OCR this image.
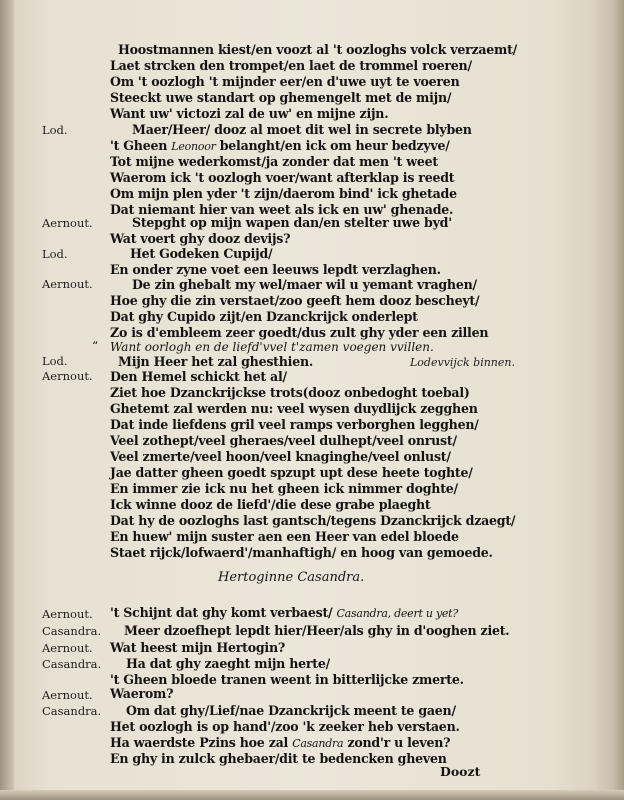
Hoostmannen kiest/en voozt al 't oozloghs volck verzaemt/
Laet strcken den trompet/en laet de trommel roeren/
Om 't oozlogh 't mijnder eer/en d'uwe uyt te voeren
Steeckt uwe standart op ghemengelt met de mijn/
Want uw' victozi zal de uw' en mijne zijn.
Lod.	Maer/Heer/ dooz al moet dit wel in secrete blyben
't Gheen Leonoor belanght/en ick om heur bedzyve/
Tot mijne wederkomst/ja zonder dat men 't weet
Waerom ick 't oozlogh voer/want afterklap is reedt
Om mijn plen yder 't zijn/daerom bind' ick ghetade
Dat niemant hier van weet als ick en uw' ghenade.
Aernout.	Stepght op mijn wapen dan/en stelter uwe byd'
Wat voert ghy dooz devijs?
Lod.	Het Godeken Cupijd/
En onder zyne voet een leeuws lepdt verzlaghen.
Aernout.	De zin ghebalt my wel/maer wil u yemant vraghen/
Hoe ghy die zin verstaet/zoo geeft hem dooz bescheyt/
Dat ghy Cupido zijt/en Dzanckrijck onderlept
Zo is d'embleem zeer goedt/dus zult ghy yder een zillen
“ Want oorlogh en de liefd'vvel t'zamen voegen vvillen.
Lod.	Mijn Heer het zal ghesthien.	Lodevvijck binnen.
Aernout. Den Hemel schickt het al/
Ziet hoe Dzanckrijckse trots(dooz onbedoght toebal)
Ghetemt zal werden nu: veel wysen duydlijck zegghen
Dat inde liefdens gril veel ramps verborghen legghen/
Veel zothept/veel gheraes/veel dulhept/veel onrust/
Veel zmerte/veel hoon/veel knaginghe/veel onlust/
Jae datter gheen goedt spzupt upt dese heete toghte/
En immer zie ick nu het gheen ick nimmer doghte/
Ick winne dooz de liefd'/die dese grabe plaeght
Dat hy de oozloghs last gantsch/tegens Dzanckrijck dzaegt/
En huew' mijn suster aen een Heer van edel bloede
Staet rijck/lofwaerd'/manhaftigh/ en hoog van gemoede.
Hertoginne Casandra.
Aernout. 't Schijnt dat ghy komt verbaest/ Casandra, deert u yet?
Casandra. Meer dzoefhept lepdt hier/Heer/als ghy in d'ooghen ziet.
Aernout. Wat heest mijn Hertogin?
Casandra. Ha dat ghy zaeght mijn herte/
't Gheen bloede tranen weent in bitterlijcke zmerte.
Aernout. Waerom?
Casandra. Om dat ghy/Lief/nae Dzanckrijck meent te gaen/
Het oozlogh is op hand'/zoo 'k zeeker heb verstaen.
Ha waerdste Pzins hoe zal Casandra zond'r u leven?
En ghy in zulck ghebaer/dit te bedencken gheven
Doozt
